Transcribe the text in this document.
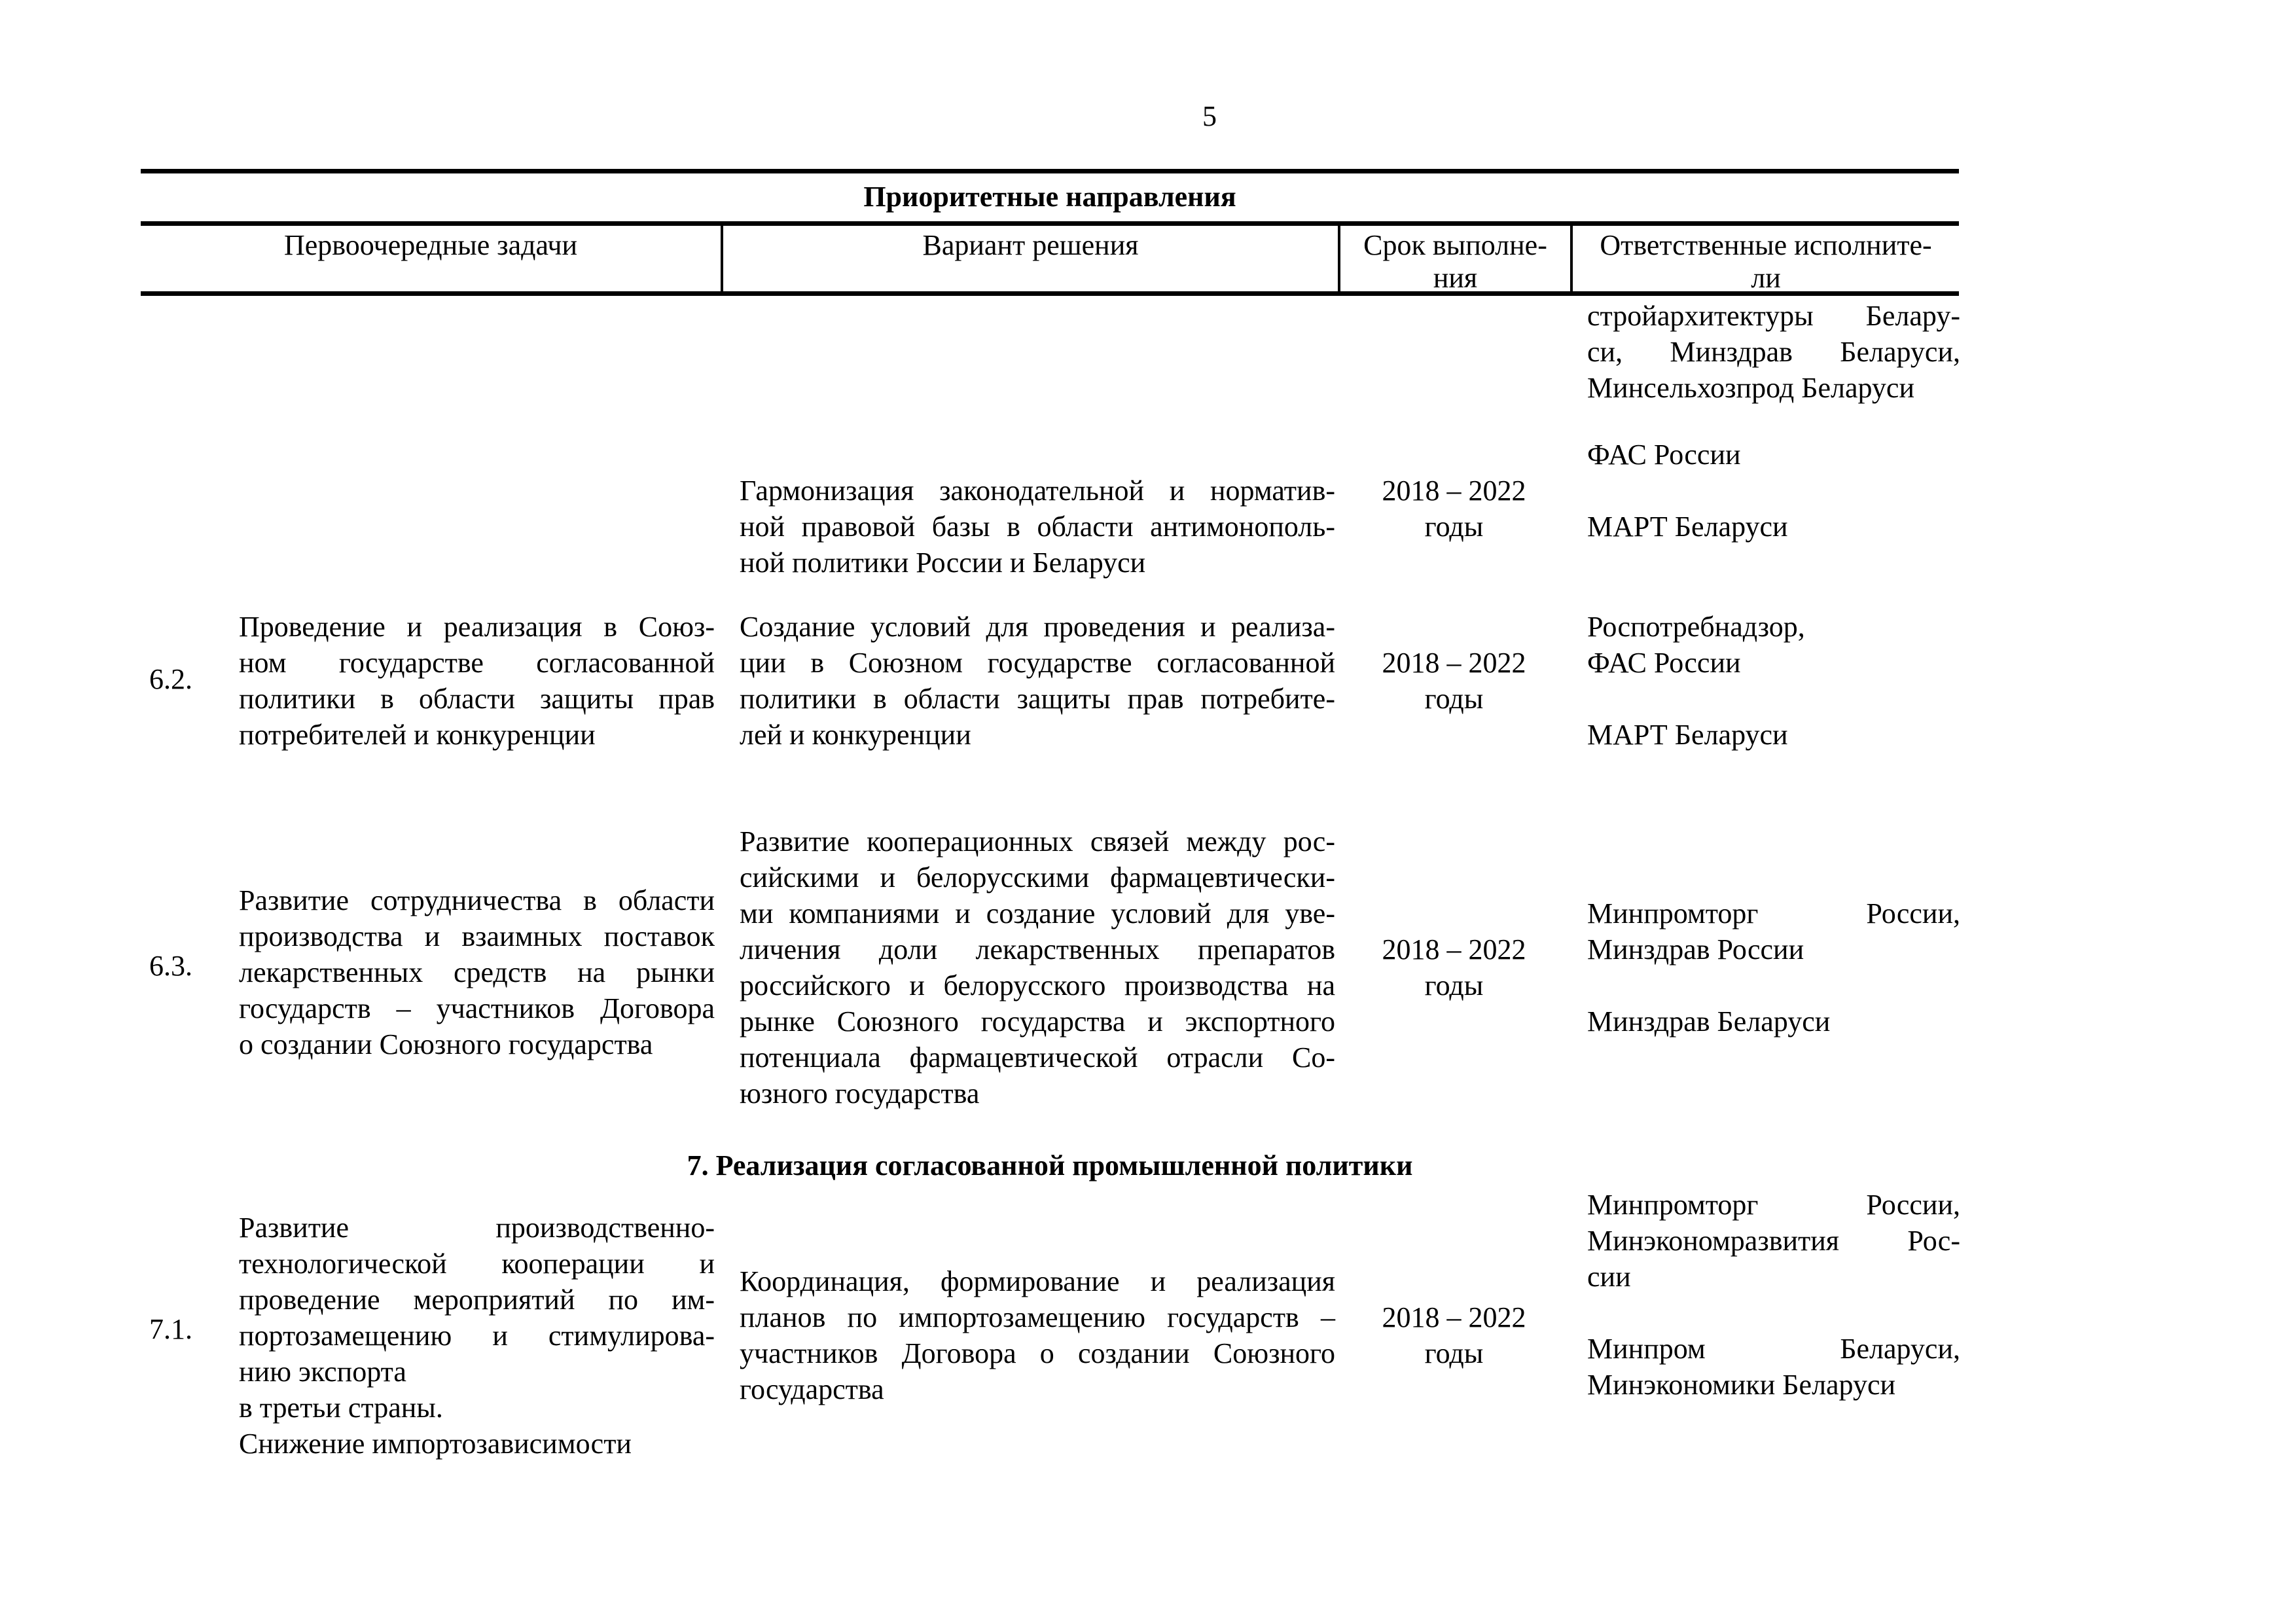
5
Приоритетные направления
Первоочередные задачи	Вариант решения	Срок выполне-
ния
Ответственные исполните-
ли
стройархитектуры Белару-
си, Минздрав Беларуси,
Минсельхозпрод Беларуси
Гармонизация законодательной и норматив-
ной правовой базы в области антимонополь-
ной политики России и Беларуси
2018 – 2022
годы
ФАС России

МАРТ Беларуси
6.2.
Проведение и реализация в Союз-
ном государстве согласованной
политики в области защиты прав
потребителей и конкуренции
Создание условий для проведения и реализа-
ции в Союзном государстве согласованной
политики в области защиты прав потребите-
лей и конкуренции
2018 – 2022
годы
Роспотребнадзор,
ФАС России

МАРТ Беларуси
6.3.
Развитие сотрудничества в области
производства и взаимных поставок
лекарственных средств на рынки
государств – участников Договора
о создании Союзного государства
Развитие кооперационных связей между рос-
сийскими и белорусскими фармацевтически-
ми компаниями и создание условий для уве-
личения доли лекарственных препаратов
российского и белорусского производства на
рынке Союзного государства и экспортного
потенциала фармацевтической отрасли Со-
юзного государства
2018 – 2022
годы
Минпромторг России,
Минздрав России

Минздрав Беларуси
7. Реализация согласованной промышленной политики
7.1.
Развитие производственно-
технологической кооперации и
проведение мероприятий по им-
портозамещению и стимулирова-
нию экспорта
в третьи страны.
Снижение импортозависимости
Координация, формирование и реализация
планов по импортозамещению государств –
участников Договора о создании Союзного
государства
2018 – 2022
годы
Минпромторг России,
Минэкономразвития Рос-
сии

Минпром Беларуси,
Минэкономики Беларуси
